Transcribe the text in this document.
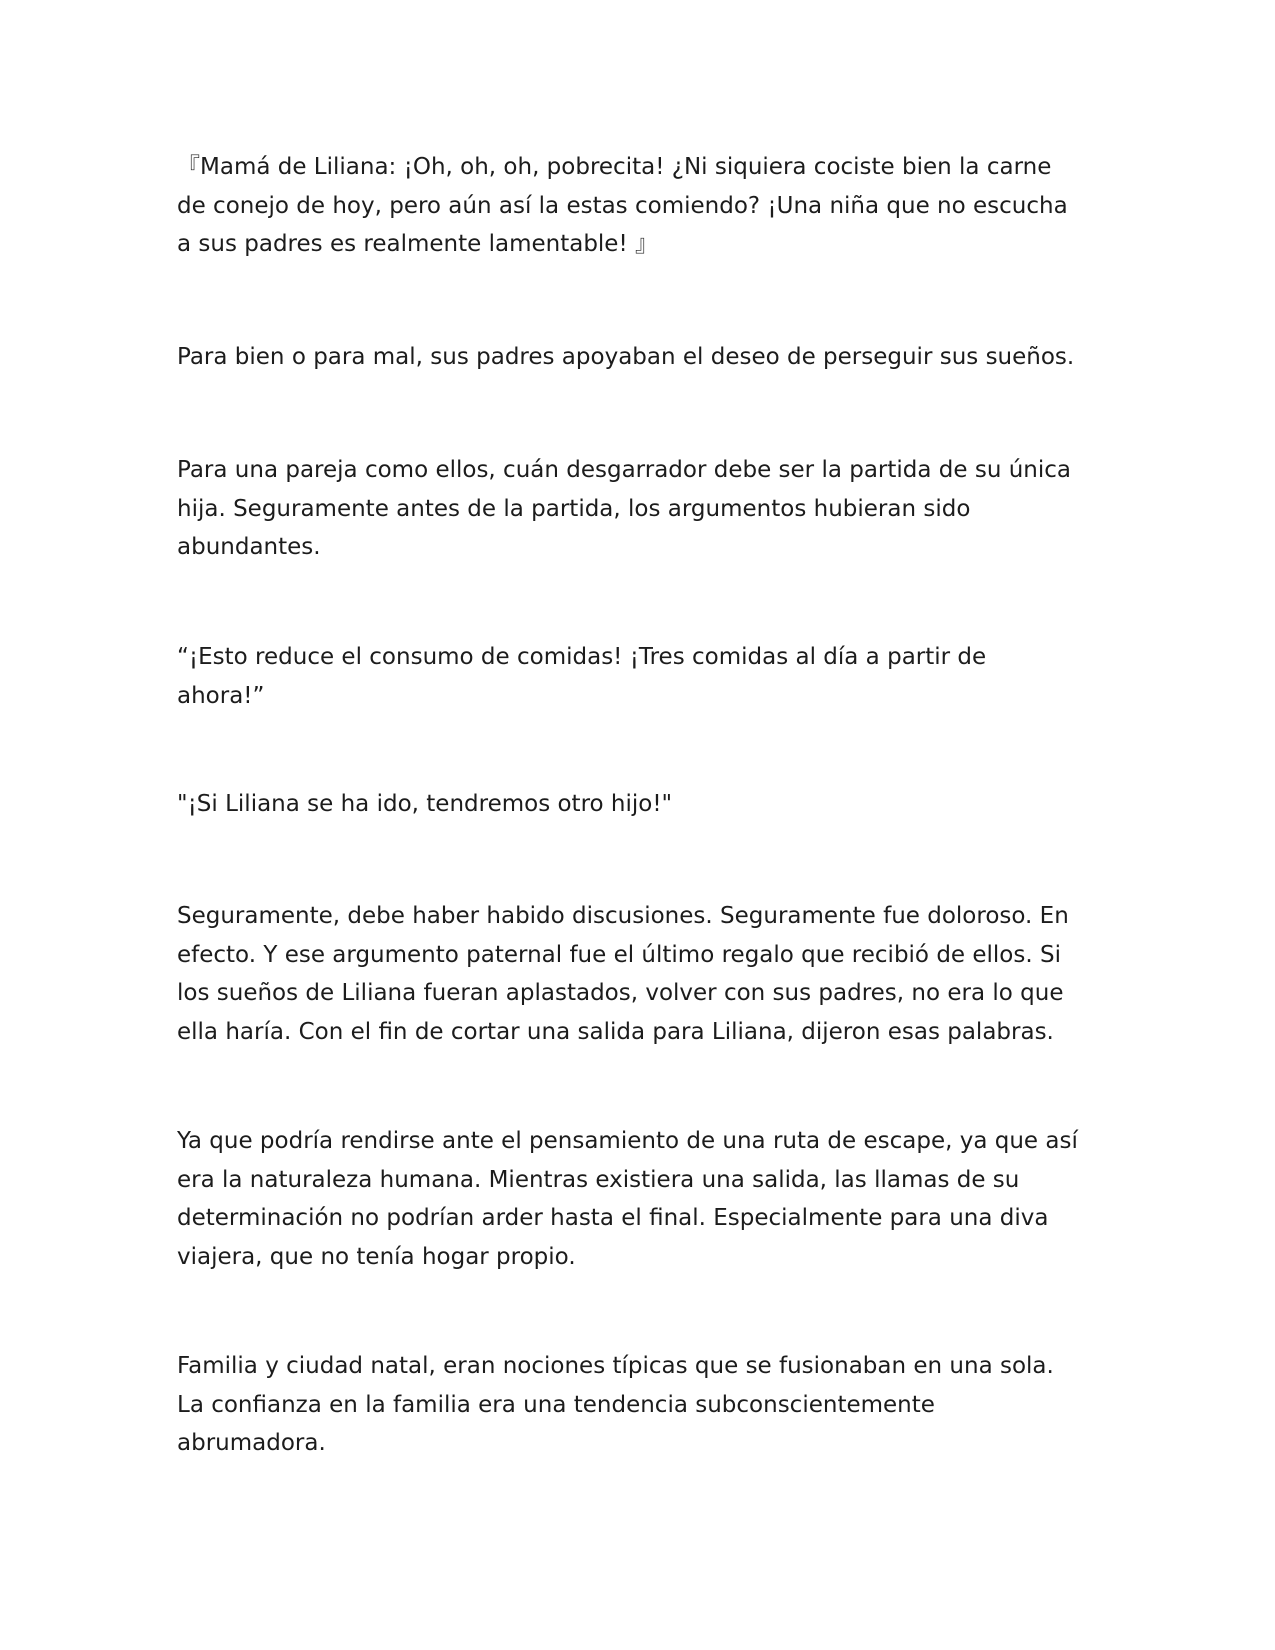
『Mamá de Liliana: ¡Oh, oh, oh, pobrecita! ¿Ni siquiera cociste bien la carne
de conejo de hoy, pero aún así la estas comiendo? ¡Una niña que no escucha
a sus padres es realmente lamentable! 』

Para bien o para mal, sus padres apoyaban el deseo de perseguir sus sueños.

Para una pareja como ellos, cuán desgarrador debe ser la partida de su única
hija. Seguramente antes de la partida, los argumentos hubieran sido
abundantes.

“¡Esto reduce el consumo de comidas! ¡Tres comidas al día a partir de
ahora!”

"¡Si Liliana se ha ido, tendremos otro hijo!"

Seguramente, debe haber habido discusiones. Seguramente fue doloroso. En
efecto. Y ese argumento paternal fue el último regalo que recibió de ellos. Si
los sueños de Liliana fueran aplastados, volver con sus padres, no era lo que
ella haría. Con el fin de cortar una salida para Liliana, dijeron esas palabras.

Ya que podría rendirse ante el pensamiento de una ruta de escape, ya que así
era la naturaleza humana. Mientras existiera una salida, las llamas de su
determinación no podrían arder hasta el final. Especialmente para una diva
viajera, que no tenía hogar propio.

Familia y ciudad natal, eran nociones típicas que se fusionaban en una sola.
La confianza en la familia era una tendencia subconscientemente
abrumadora.
